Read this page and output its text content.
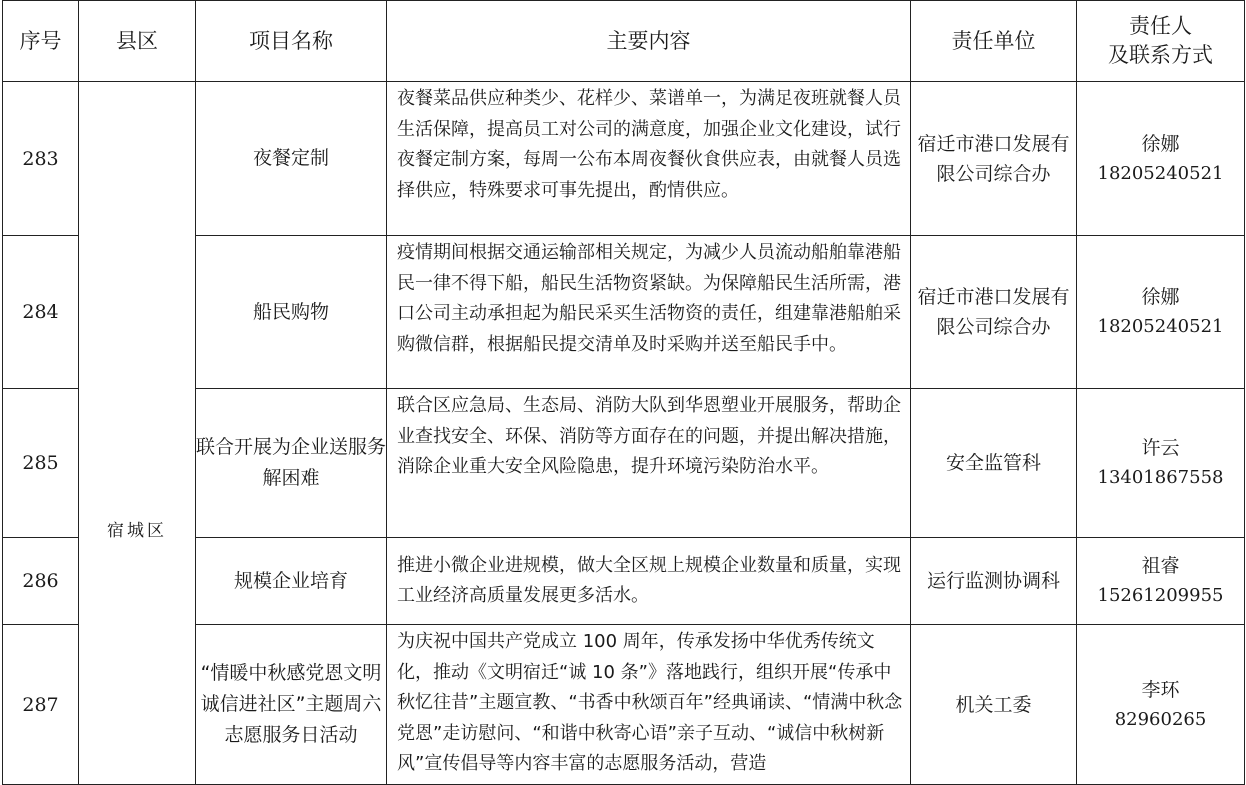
序号	县区	项目名称	主要内容	责任单位	责任人
及联系方式

283	宿城区	夜餐定制	夜餐菜品供应种类少、花样少、菜谱单一，为满足夜班就餐人员生活保障，提高员工对公司的满意度，加强企业文化建设，试行夜餐定制方案，每周一公布本周夜餐伙食供应表，由就餐人员选择供应，特殊要求可事先提出，酌情供应。	宿迁市港口发展有限公司综合办	徐娜
18205240521

284		船民购物	疫情期间根据交通运输部相关规定，为减少人员流动船舶靠港船民一律不得下船，船民生活物资紧缺。为保障船民生活所需，港口公司主动承担起为船民采买生活物资的责任，组建靠港船舶采购微信群，根据船民提交清单及时采购并送至船民手中。	宿迁市港口发展有限公司综合办	徐娜
18205240521

285		联合开展为企业送服务解困难	联合区应急局、生态局、消防大队到华恩塑业开展服务，帮助企业查找安全、环保、消防等方面存在的问题，并提出解决措施，消除企业重大安全风险隐患，提升环境污染防治水平。	安全监管科	许云
13401867558

286		规模企业培育	推进小微企业进规模，做大全区规上规模企业数量和质量，实现工业经济高质量发展更多活水。	运行监测协调科	祖睿
15261209955

287		“情暖中秋感党恩文明诚信进社区”主题周六志愿服务日活动	为庆祝中国共产党成立 100 周年，传承发扬中华优秀传统文化，推动《文明宿迁“诚 10 条”》落地践行，组织开展“传承中秋忆往昔”主题宣教、“书香中秋颂百年”经典诵读、“情满中秋念党恩”走访慰问、“和谐中秋寄心语”亲子互动、“诚信中秋树新风”宣传倡导等内容丰富的志愿服务活动，营造	机关工委	李环
82960265
